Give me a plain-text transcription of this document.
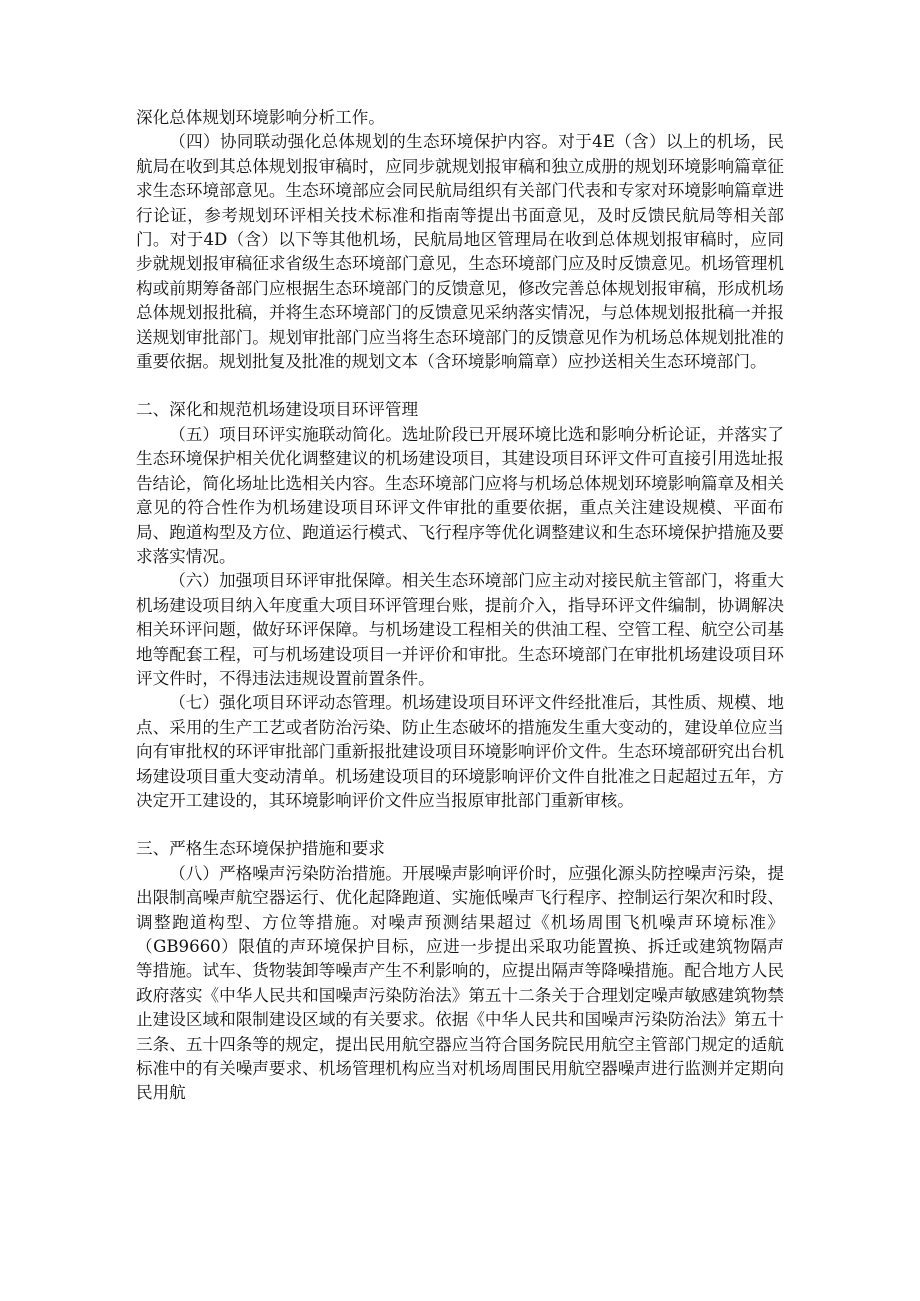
深化总体规划环境影响分析工作。

（四）协同联动强化总体规划的生态环境保护内容。对于4E（含）以上的机场，民航局在收到其总体规划报审稿时，应同步就规划报审稿和独立成册的规划环境影响篇章征求生态环境部意见。生态环境部应会同民航局组织有关部门代表和专家对环境影响篇章进行论证，参考规划环评相关技术标准和指南等提出书面意见，及时反馈民航局等相关部门。对于4D（含）以下等其他机场，民航局地区管理局在收到总体规划报审稿时，应同步就规划报审稿征求省级生态环境部门意见，生态环境部门应及时反馈意见。机场管理机构或前期筹备部门应根据生态环境部门的反馈意见，修改完善总体规划报审稿，形成机场总体规划报批稿，并将生态环境部门的反馈意见采纳落实情况，与总体规划报批稿一并报送规划审批部门。规划审批部门应当将生态环境部门的反馈意见作为机场总体规划批准的重要依据。规划批复及批准的规划文本（含环境影响篇章）应抄送相关生态环境部门。

二、深化和规范机场建设项目环评管理

（五）项目环评实施联动简化。选址阶段已开展环境比选和影响分析论证，并落实了生态环境保护相关优化调整建议的机场建设项目，其建设项目环评文件可直接引用选址报告结论，简化场址比选相关内容。生态环境部门应将与机场总体规划环境影响篇章及相关意见的符合性作为机场建设项目环评文件审批的重要依据，重点关注建设规模、平面布局、跑道构型及方位、跑道运行模式、飞行程序等优化调整建议和生态环境保护措施及要求落实情况。

（六）加强项目环评审批保障。相关生态环境部门应主动对接民航主管部门，将重大机场建设项目纳入年度重大项目环评管理台账，提前介入，指导环评文件编制，协调解决相关环评问题，做好环评保障。与机场建设工程相关的供油工程、空管工程、航空公司基地等配套工程，可与机场建设项目一并评价和审批。生态环境部门在审批机场建设项目环评文件时，不得违法违规设置前置条件。

（七）强化项目环评动态管理。机场建设项目环评文件经批准后，其性质、规模、地点、采用的生产工艺或者防治污染、防止生态破坏的措施发生重大变动的，建设单位应当向有审批权的环评审批部门重新报批建设项目环境影响评价文件。生态环境部研究出台机场建设项目重大变动清单。机场建设项目的环境影响评价文件自批准之日起超过五年，方决定开工建设的，其环境影响评价文件应当报原审批部门重新审核。

三、严格生态环境保护措施和要求

（八）严格噪声污染防治措施。开展噪声影响评价时，应强化源头防控噪声污染，提出限制高噪声航空器运行、优化起降跑道、实施低噪声飞行程序、控制运行架次和时段、调整跑道构型、方位等措施。对噪声预测结果超过《机场周围飞机噪声环境标准》（GB9660）限值的声环境保护目标，应进一步提出采取功能置换、拆迁或建筑物隔声等措施。试车、货物装卸等噪声产生不利影响的，应提出隔声等降噪措施。配合地方人民政府落实《中华人民共和国噪声污染防治法》第五十二条关于合理划定噪声敏感建筑物禁止建设区域和限制建设区域的有关要求。依据《中华人民共和国噪声污染防治法》第五十三条、五十四条等的规定，提出民用航空器应当符合国务院民用航空主管部门规定的适航标准中的有关噪声要求、机场管理机构应当对机场周围民用航空器噪声进行监测并定期向民用航
